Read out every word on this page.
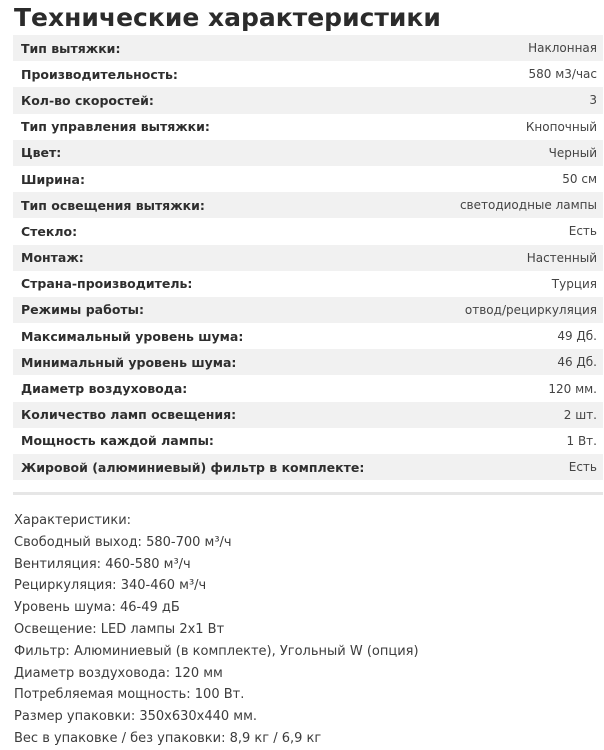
Технические характеристики
Тип вытяжки:	Наклонная
Производительность:	580 м3/час
Кол-во скоростей:	3
Тип управления вытяжки:	Кнопочный
Цвет:	Черный
Ширина:	50 см
Тип освещения вытяжки:	светодиодные лампы
Стекло:	Есть
Монтаж:	Настенный
Страна-производитель:	Турция
Режимы работы:	отвод/рециркуляция
Максимальный уровень шума:	49 Дб.
Минимальный уровень шума:	46 Дб.
Диаметр воздуховода:	120 мм.
Количество ламп освещения:	2 шт.
Мощность каждой лампы:	1 Вт.
Жировой (алюминиевый) фильтр в комплекте:	Есть
Характеристики:
Свободный выход: 580-700 м³/ч
Вентиляция: 460-580 м³/ч
Рециркуляция: 340-460 м³/ч
Уровень шума: 46-49 дБ
Освещение: LED лампы 2х1 Вт
Фильтр: Алюминиевый (в комплекте), Угольный W (опция)
Диаметр воздуховода: 120 мм
Потребляемая мощность: 100 Вт.
Размер упаковки: 350х630х440 мм.
Вес в упаковке / без упаковки: 8,9 кг / 6,9 кг
